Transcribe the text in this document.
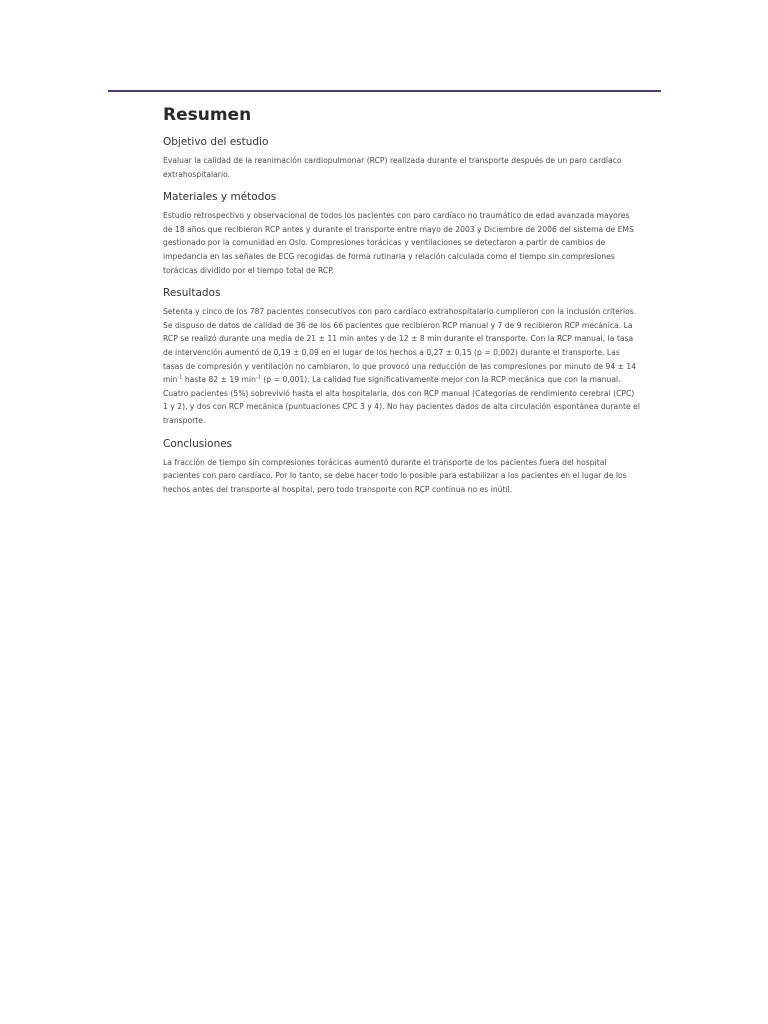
Resumen
Objetivo del estudio

Evaluar la calidad de la reanimación cardiopulmonar (RCP) realizada durante el transporte después de un paro cardíaco extrahospitalario.

Materiales y métodos

Estudio retrospectivo y observacional de todos los pacientes con paro cardíaco no traumático de edad avanzada mayores de 18 años que recibieron RCP antes y durante el transporte entre mayo de 2003 y Diciembre de 2006 del sistema de EMS gestionado por la comunidad en Oslo. Compresiones torácicas y ventilaciones se detectaron a partir de cambios de impedancia en las señales de ECG recogidas de forma rutinaria y relación calculada como el tiempo sin compresiones torácicas dividido por el tiempo total de RCP.

Resultados

Setenta y cinco de los 787 pacientes consecutivos con paro cardíaco extrahospitalario cumplieron con la inclusión criterios. Se dispuso de datos de calidad de 36 de los 66 pacientes que recibieron RCP manual y 7 de 9 recibieron RCP mecánica. La RCP se realizó durante una media de 21 ± 11 min antes y de 12 ± 8 min durante el transporte. Con la RCP manual, la tasa de intervención aumentó de 0,19 ± 0,09 en el lugar de los hechos a 0,27 ± 0,15 (p = 0,002) durante el transporte. Las tasas de compresión y ventilación no cambiaron, lo que provocó una reducción de las compresiones por minuto de 94 ± 14 $\min^{-1}$ hasta 82 ± 19 $\min^{-1} (p = 0,001)$. La calidad fue significativamente mejor con la RCP mecánica que con la manual. Cuatro pacientes (5%) sobrevivió hasta el alta hospitalaria, dos con RCP manual (Categorías de rendimiento cerebral (CPC) 1 y 2), y dos con RCP mecánica (puntuaciones CPC 3 y 4). No hay pacientes dados de alta circulación espontánea durante el transporte.

Conclusiones

La fracción de tiempo sin compresiones torácicas aumentó durante el transporte de los pacientes fuera del hospital pacientes con paro cardíaco. Por lo tanto, se debe hacer todo lo posible para estabilizar a los pacientes en el lugar de los hechos antes del transporte al hospital, pero todo transporte con RCP continua no es inútil.
